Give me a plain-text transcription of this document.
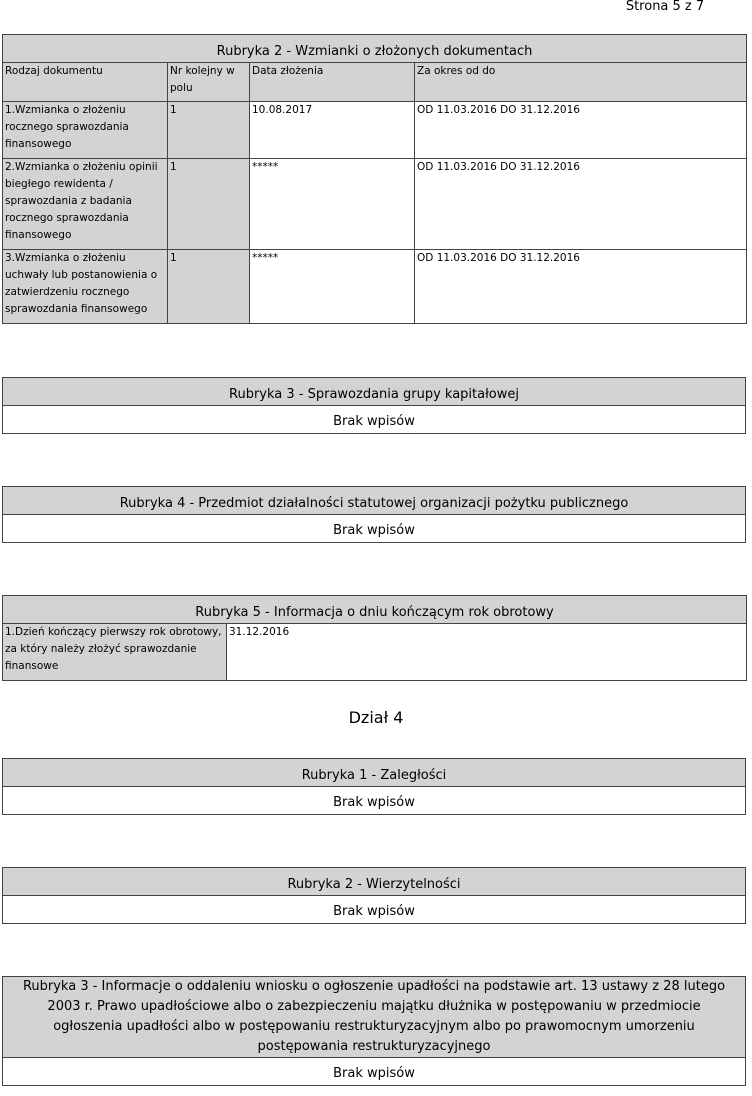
Strona 5 z 7
Rubryka 2 - Wzmianki o złożonych dokumentach			
Rodzaj dokumentu	Nr kolejny w polu	Data złożenia	Za okres od do
1.Wzmianka o złożeniu rocznego sprawozdania finansowego	1	10.08.2017	OD 11.03.2016 DO 31.12.2016
2.Wzmianka o złożeniu opinii biegłego rewidenta / sprawozdania z badania rocznego sprawozdania finansowego	1	*****	OD 11.03.2016 DO 31.12.2016
3.Wzmianka o złożeniu uchwały lub postanowienia o zatwierdzeniu rocznego sprawozdania finansowego	1	*****	OD 11.03.2016 DO 31.12.2016
Rubryka 3 - Sprawozdania grupy kapitałowej
Brak wpisów
Rubryka 4 - Przedmiot działalności statutowej organizacji pożytku publicznego
Brak wpisów
Rubryka 5 - Informacja o dniu kończącym rok obrotowy
1.Dzień kończący pierwszy rok obrotowy, za który należy złożyć sprawozdanie finansowe	31.12.2016
Dział 4
Rubryka 1 - Zaległości
Brak wpisów
Rubryka 2 - Wierzytelności
Brak wpisów
Rubryka 3 - Informacje o oddaleniu wniosku o ogłoszenie upadłości na podstawie art. 13 ustawy z 28 lutego 2003 r. Prawo upadłościowe albo o zabezpieczeniu majątku dłużnika w postępowaniu w przedmiocie ogłoszenia upadłości albo w postępowaniu restrukturyzacyjnym albo po prawomocnym umorzeniu postępowania restrukturyzacyjnego
Brak wpisów
